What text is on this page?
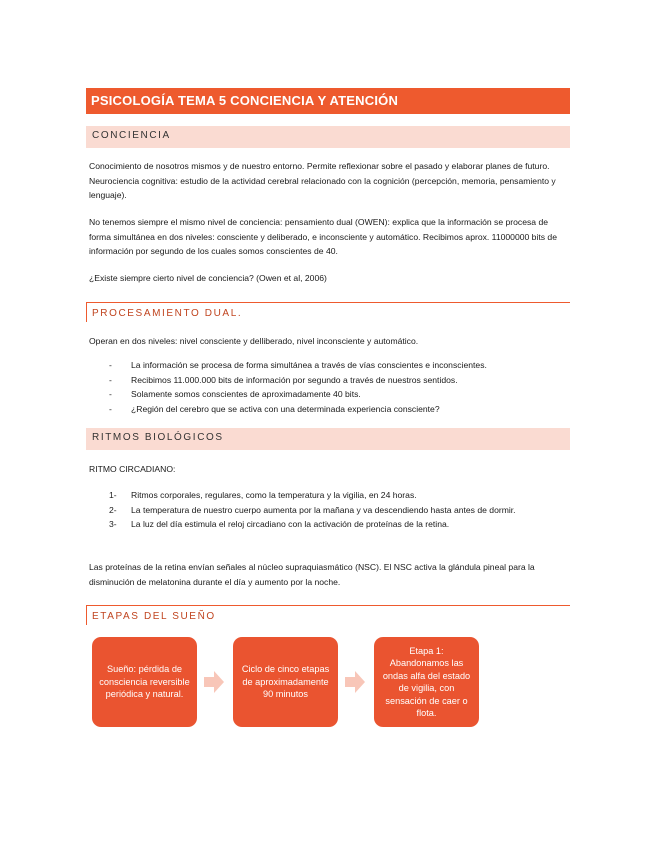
PSICOLOGÍA TEMA 5 CONCIENCIA Y ATENCIÓN
CONCIENCIA
Conocimiento de nosotros mismos y de nuestro entorno. Permite reflexionar sobre el pasado y elaborar planes de futuro. Neurociencia cognitiva: estudio de la actividad cerebral relacionado con la cognición (percepción, memoria, pensamiento y lenguaje).
No tenemos siempre el mismo nivel de conciencia: pensamiento dual (OWEN): explica que la información se procesa de forma simultánea en dos niveles: consciente y deliberado, e inconsciente y automático. Recibimos aprox. 11000000 bits de información por segundo de los cuales somos conscientes de 40.
¿Existe siempre cierto nivel de conciencia? (Owen et al, 2006)
PROCESAMIENTO DUAL.
Operan en dos niveles: nivel consciente y delliberado, nivel inconsciente y automático.
- La información se procesa de forma simultánea a través de vías conscientes e inconscientes.
- Recibimos 11.000.000 bits de información por segundo a través de nuestros sentidos.
- Solamente somos conscientes de aproximadamente 40 bits.
- ¿Región del cerebro que se activa con una determinada experiencia consciente?
RITMOS BIOLÓGICOS
RITMO CIRCADIANO:
1- Ritmos corporales, regulares, como la temperatura y la vigilia, en 24 horas.
2- La temperatura de nuestro cuerpo aumenta por la mañana y va descendiendo hasta antes de dormir.
3- La luz del día estimula el reloj circadiano con la activación de proteínas de la retina.
Las proteínas de la retina envían señales al núcleo supraquiasmático (NSC). El NSC activa la glándula pineal para la disminución de melatonina durante el día y aumento por la noche.
ETAPAS DEL SUEÑO
Sueño: pérdida de consciencia reversible periódica y natural.
Ciclo de cinco etapas de aproximadamente 90 minutos
Etapa 1: Abandonamos las ondas alfa del estado de vigilia, con sensación de caer o flota.
